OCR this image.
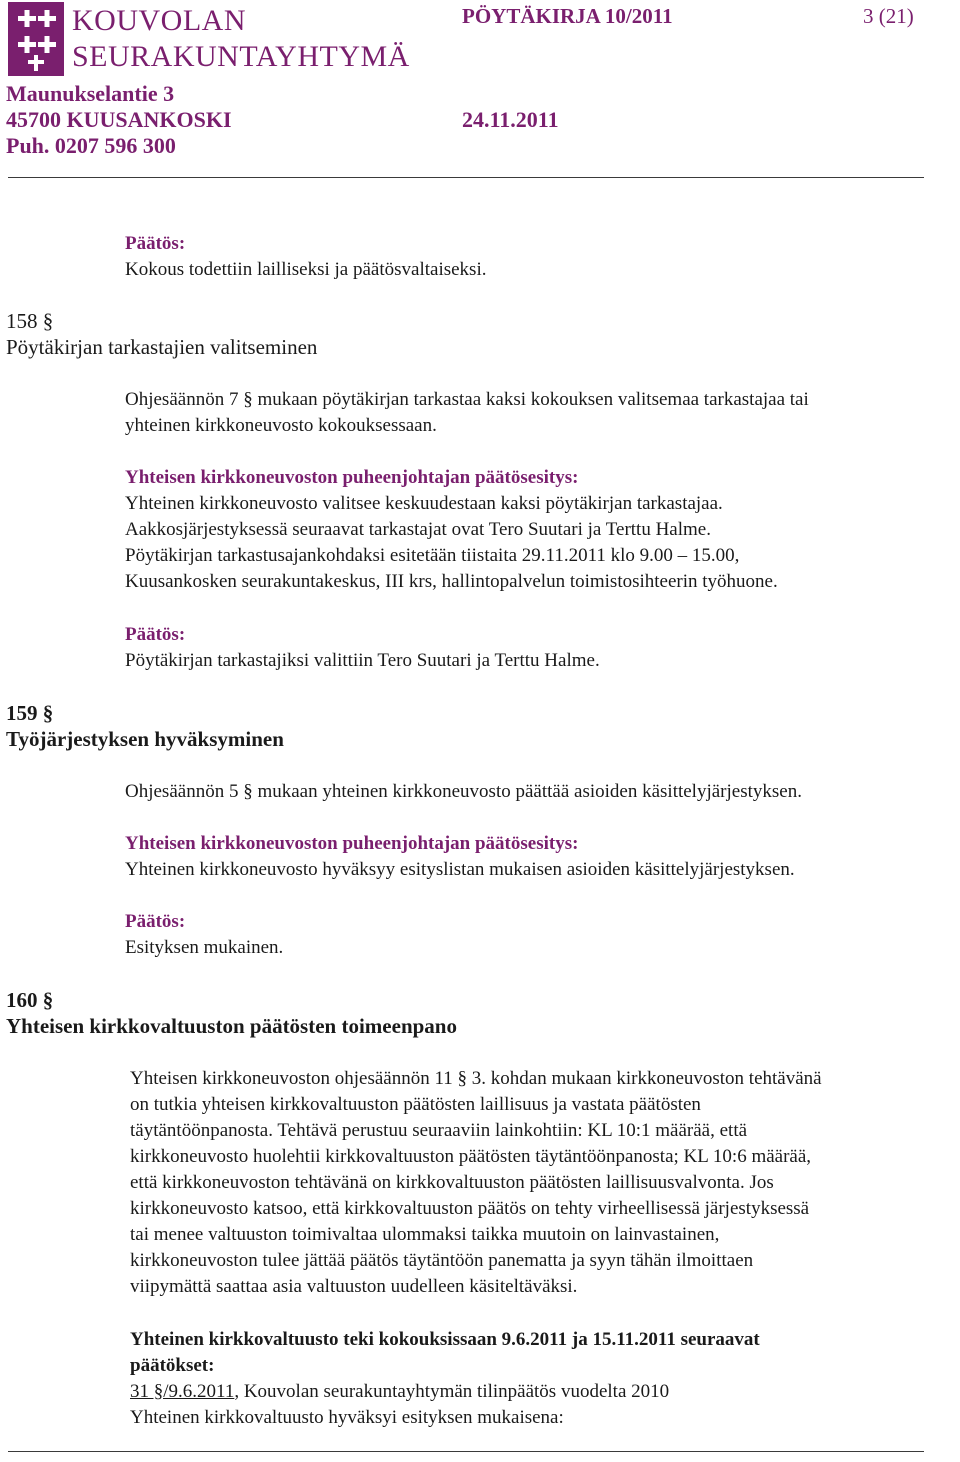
KOUVOLAN
SEURAKUNTAYHTYMÄ
PÖYTÄKIRJA 10/2011	3 (21)
Maunukselantie 3
45700 KUUSANKOSKI	24.11.2011
Puh. 0207 596 300
Päätös:
Kokous todettiin lailliseksi ja päätösvaltaiseksi.
158 §
Pöytäkirjan tarkastajien valitseminen
Ohjesäännön 7 § mukaan pöytäkirjan tarkastaa kaksi kokouksen valitsemaa tarkastajaa tai
yhteinen kirkkoneuvosto kokouksessaan.
Yhteisen kirkkoneuvoston puheenjohtajan päätösesitys:
Yhteinen kirkkoneuvosto valitsee keskuudestaan kaksi pöytäkirjan tarkastajaa.
Aakkosjärjestyksessä seuraavat tarkastajat ovat Tero Suutari ja Terttu Halme.
Pöytäkirjan tarkastusajankohdaksi esitetään tiistaita 29.11.2011 klo 9.00 – 15.00,
Kuusankosken seurakuntakeskus, III krs, hallintopalvelun toimistosihteerin työhuone.
Päätös:
Pöytäkirjan tarkastajiksi valittiin Tero Suutari ja Terttu Halme.
159 §
Työjärjestyksen hyväksyminen
Ohjesäännön 5 § mukaan yhteinen kirkkoneuvosto päättää asioiden käsittelyjärjestyksen.
Yhteisen kirkkoneuvoston puheenjohtajan päätösesitys:
Yhteinen kirkkoneuvosto hyväksyy esityslistan mukaisen asioiden käsittelyjärjestyksen.
Päätös:
Esityksen mukainen.
160 §
Yhteisen kirkkovaltuuston päätösten toimeenpano
Yhteisen kirkkoneuvoston ohjesäännön 11 § 3. kohdan mukaan kirkkoneuvoston tehtävänä
on tutkia yhteisen kirkkovaltuuston päätösten laillisuus ja vastata päätösten
täytäntöönpanosta. Tehtävä perustuu seuraaviin lainkohtiin: KL 10:1 määrää, että
kirkkoneuvosto huolehtii kirkkovaltuuston päätösten täytäntöönpanosta; KL 10:6 määrää,
että kirkkoneuvoston tehtävänä on kirkkovaltuuston päätösten laillisuusvalvonta. Jos
kirkkoneuvosto katsoo, että kirkkovaltuuston päätös on tehty virheellisessä järjestyksessä
tai menee valtuuston toimivaltaa ulommaksi taikka muutoin on lainvastainen,
kirkkoneuvoston tulee jättää päätös täytäntöön panematta ja syyn tähän ilmoittaen
viipymättä saattaa asia valtuuston uudelleen käsiteltäväksi.
Yhteinen kirkkovaltuusto teki kokouksissaan 9.6.2011 ja 15.11.2011 seuraavat
päätökset:
31 §/9.6.2011, Kouvolan seurakuntayhtymän tilinpäätös vuodelta 2010
Yhteinen kirkkovaltuusto hyväksyi esityksen mukaisena:
